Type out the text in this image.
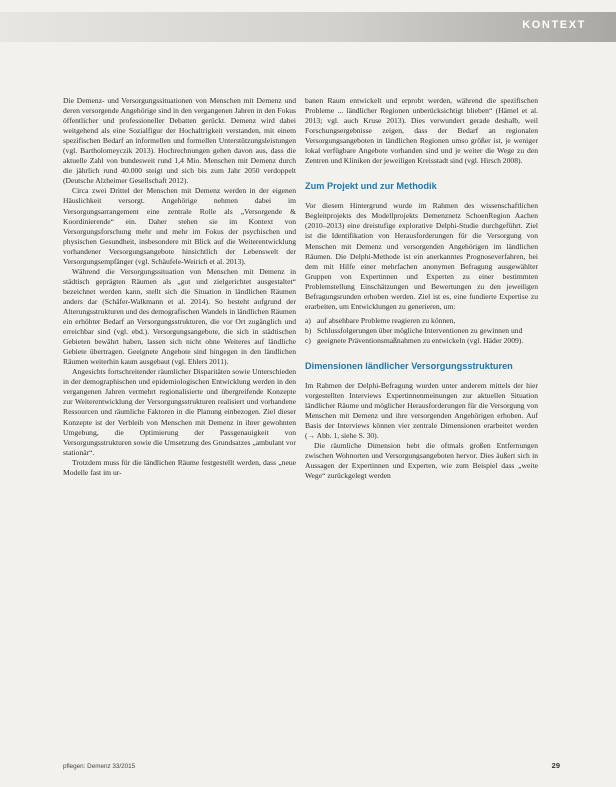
KONTEXT

Die Demenz- und Versorgungssituationen von Menschen mit Demenz und deren versorgende Angehörige sind in den vergangenen Jahren in den Fokus öffentlicher und professioneller Debatten gerückt. Demenz wird dabei weitgehend als eine Sozialfigur der Hochaltrigkeit verstanden, mit einem spezifischen Bedarf an informellen und formellen Unterstützungsleistungen (vgl. Bartholomeyczik 2013). Hochrechnungen gehen davon aus, dass die aktuelle Zahl von bundesweit rund 1,4 Mio. Menschen mit Demenz durch die jährlich rund 40.000 steigt und sich bis zum Jahr 2050 verdoppelt (Deutsche Alzheimer Gesellschaft 2012).

Circa zwei Drittel der Menschen mit Demenz werden in der eigenen Häuslichkeit versorgt. Angehörige nehmen dabei im Versorgungsarrangement eine zentrale Rolle als „Versorgende & Koordinierende“ ein. Daher stehen sie im Kontext von Versorgungsforschung mehr und mehr im Fokus der psychischen und physischen Gesundheit, insbesondere mit Blick auf die Weiterentwicklung vorhandener Versorgungsangebote hinsichtlich der Lebenswelt der Versorgungsempfänger (vgl. Schäufele-Weirich et al. 2013).

Während die Versorgungssituation von Menschen mit Demenz in städtisch geprägten Räumen als „gut und zielgerichtet ausgestaltet“ bezeichnet werden kann, stellt sich die Situation in ländlichen Räumen anders dar (Schäfer-Walkmann et al. 2014). So besteht aufgrund der Alterungsstrukturen und des demografischen Wandels in ländlichen Räumen ein erhöhter Bedarf an Versorgungsstrukturen, die vor Ort zugänglich und erreichbar sind (vgl. ebd.). Versorgungsangebote, die sich in städtischen Gebieten bewährt haben, lassen sich nicht ohne Weiteres auf ländliche Gebiete übertragen. Geeignete Angebote sind hingegen in den ländlichen Räumen weiterhin kaum ausgebaut (vgl. Ehlers 2011).

Angesichts fortschreitender räumlicher Disparitäten sowie Unterschieden in der demographischen und epidemiologischen Entwicklung werden in den vergangenen Jahren vermehrt regionalisierte und übergreifende Konzepte zur Weiterentwicklung der Versorgungsstrukturen realisiert und vorhandene Ressourcen und räumliche Faktoren in die Planung einbezogen. Ziel dieser Konzepte ist der Verbleib von Menschen mit Demenz in ihrer gewohnten Umgebung, die Optimierung der Passgenauigkeit von Versorgungsstrukturen sowie die Umsetzung des Grundsatzes „ambulant vor stationär“.

Trotzdem muss für die ländlichen Räume festgestellt werden, dass „neue Modelle fast im ur-

banen Raum entwickelt und erprobt werden, während die spezifischen Probleme ... ländlicher Regionen unberücksichtigt blieben“ (Hämel et al. 2013; vgl. auch Kruse 2013). Dies verwundert gerade deshalb, weil Forschungsergebnisse zeigen, dass der Bedarf an regionalen Versorgungsangeboten in ländlichen Regionen umso größer ist, je weniger lokal verfügbare Angebote vorhanden sind und je weiter die Wege zu den Zentren und Kliniken der jeweiligen Kreisstadt sind (vgl. Hirsch 2008).

Zum Projekt und zur Methodik

Vor diesem Hintergrund wurde im Rahmen des wissenschaftlichen Begleitprojekts des Modellprojekts Demenznetz SchoenRegion Aachen (2010–2013) eine dreistufige explorative Delphi-Studie durchgeführt. Ziel ist die Identifikation von Herausforderungen für die Versorgung von Menschen mit Demenz und versorgenden Angehörigen im ländlichen Räumen. Die Delphi-Methode ist ein anerkanntes Prognoseverfahren, bei dem mit Hilfe einer mehrfachen anonymen Befragung ausgewählter Gruppen von Expertinnen und Experten zu einer bestimmten Problemstellung Einschätzungen und Bewertungen zu den jeweiligen Befragungsrunden erhoben werden. Ziel ist es, eine fundierte Expertise zu erarbeiten, um Entwicklungen zu generieren, um:

a) auf absehbare Probleme reagieren zu können,
b) Schlussfolgerungen über mögliche Interventionen zu gewinnen und
c) geeignete Präventionsmaßnahmen zu entwickeln (vgl. Häder 2009).
Dimensionen ländlicher Versorgungsstrukturen

Im Rahmen der Delphi-Befragung wurden unter anderem mittels der hier vorgestellten Interviews Expertinnenmeinungen zur aktuellen Situation ländlicher Räume und möglicher Herausforderungen für die Versorgung von Menschen mit Demenz und ihre versorgenden Angehörigen erhoben. Auf Basis der Interviews können vier zentrale Dimensionen erarbeitet werden (→ Abb. 1, siehe S. 30).

Die räumliche Dimension hebt die oftmals großen Entfernungen zwischen Wohnorten und Versorgungsangeboten hervor. Dies äußert sich in Aussagen der Expertinnen und Experten, wie zum Beispiel dass „weite Wege“ zurückgelegt werden

pflegen: Demenz 33/2015	29
